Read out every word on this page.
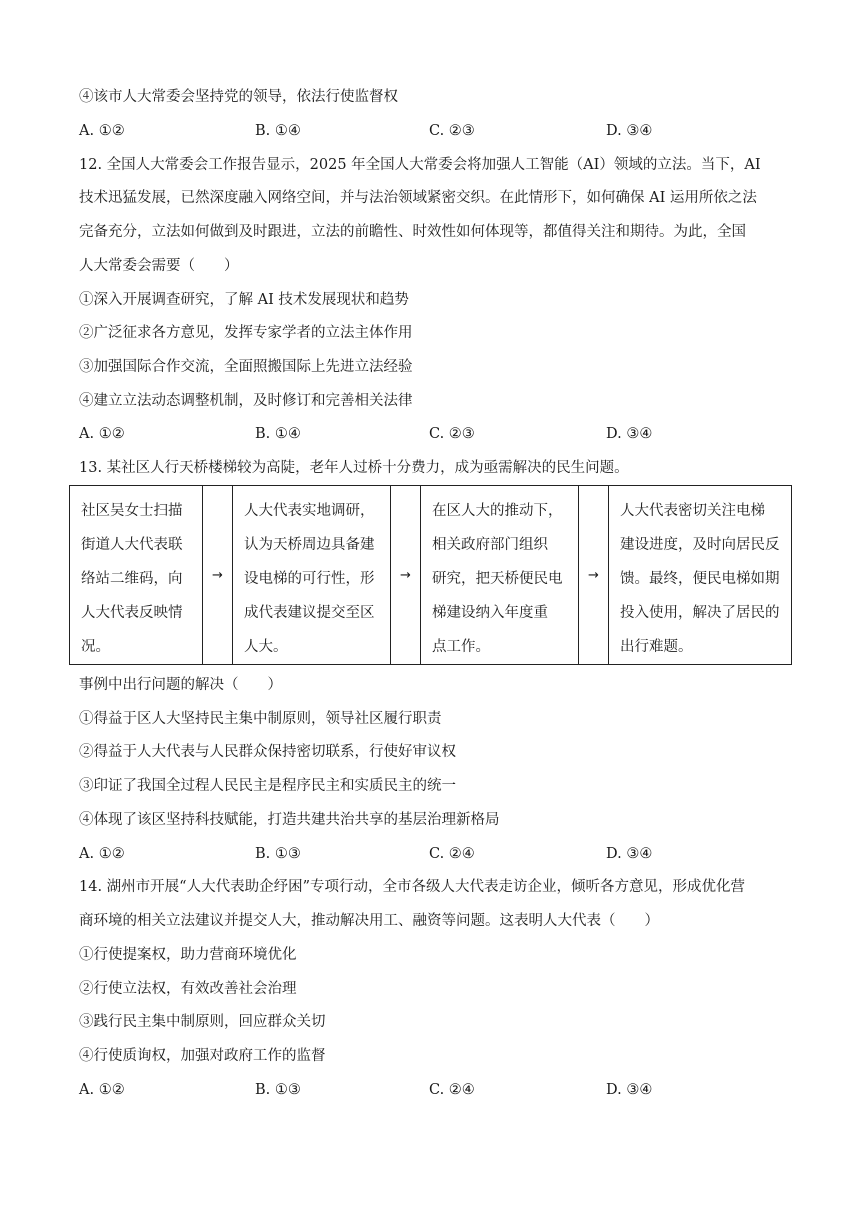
④该市人大常委会坚持党的领导，依法行使监督权
A. ①②	B. ①④	C. ②③	D. ③④
12. 全国人大常委会工作报告显示，2025 年全国人大常委会将加强人工智能（AI）领域的立法。当下，AI
技术迅猛发展，已然深度融入网络空间，并与法治领域紧密交织。在此情形下，如何确保 AI 运用所依之法
完备充分，立法如何做到及时跟进，立法的前瞻性、时效性如何体现等，都值得关注和期待。为此，全国
人大常委会需要（　　）
①深入开展调查研究，了解 AI 技术发展现状和趋势
②广泛征求各方意见，发挥专家学者的立法主体作用
③加强国际合作交流，全面照搬国际上先进立法经验
④建立立法动态调整机制，及时修订和完善相关法律
A. ①②	B. ①④	C. ②③	D. ③④
13. 某社区人行天桥楼梯较为高陡，老年人过桥十分费力，成为亟需解决的民生问题。
社区吴女士扫描
街道人大代表联
络站二维码，向
人大代表反映情
况。
	→	
人大代表实地调研，
认为天桥周边具备建
设电梯的可行性，形
成代表建议提交至区
人大。
	→	
在区人大的推动下，
相关政府部门组织
研究，把天桥便民电
梯建设纳入年度重
点工作。
	→	
人大代表密切关注电梯
建设进度，及时向居民反
馈。最终，便民电梯如期
投入使用，解决了居民的
出行难题。
事例中出行问题的解决（　　）
①得益于区人大坚持民主集中制原则，领导社区履行职责
②得益于人大代表与人民群众保持密切联系，行使好审议权
③印证了我国全过程人民民主是程序民主和实质民主的统一
④体现了该区坚持科技赋能，打造共建共治共享的基层治理新格局
A. ①②	B. ①③	C. ②④	D. ③④
14. 湖州市开展“人大代表助企纾困”专项行动，全市各级人大代表走访企业，倾听各方意见，形成优化营
商环境的相关立法建议并提交人大，推动解决用工、融资等问题。这表明人大代表（　　）
①行使提案权，助力营商环境优化
②行使立法权，有效改善社会治理
③践行民主集中制原则，回应群众关切
④行使质询权，加强对政府工作的监督
A. ①②	B. ①③	C. ②④	D. ③④
